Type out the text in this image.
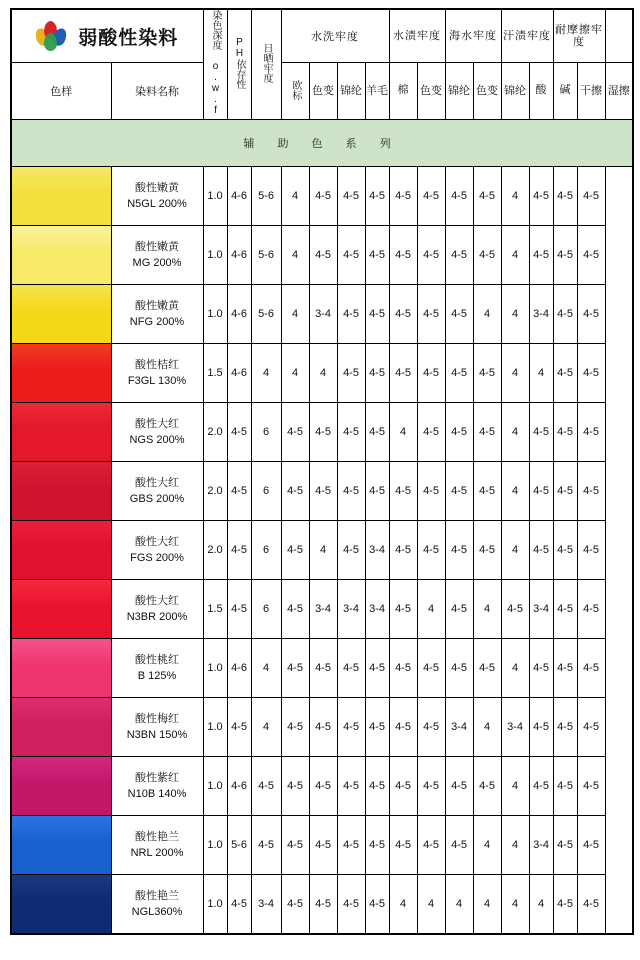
弱酸性染料		染色深度 o.w.f	PH依存性	日晒牢度	水洗牢度				水渍牢度		海水牢度		汗渍牢度		耐摩擦牢度		
色样	染料名称				欧标	色变	锦纶	羊毛	棉	色变	锦纶	色变	锦纶	酸	碱	干擦	湿擦
辅 助 色 系 列																	

	酸性嫩黄
N5GL 200%	1.0	4-6	5-6	4	4-5	4-5	4-5	4-5	4-5	4-5	4-5	4	4-5	4-5	4-5	

	酸性嫩黄
MG 200%	1.0	4-6	5-6	4	4-5	4-5	4-5	4-5	4-5	4-5	4-5	4	4-5	4-5	4-5	

	酸性嫩黄
NFG 200%	1.0	4-6	5-6	4	3-4	4-5	4-5	4-5	4-5	4-5	4	4	3-4	4-5	4-5	

	酸性桔红
F3GL 130%	1.5	4-6	4	4	4	4-5	4-5	4-5	4-5	4-5	4-5	4	4	4-5	4-5	

	酸性大红
NGS 200%	2.0	4-5	6	4-5	4-5	4-5	4-5	4	4-5	4-5	4-5	4	4-5	4-5	4-5	

	酸性大红
GBS 200%	2.0	4-5	6	4-5	4-5	4-5	4-5	4-5	4-5	4-5	4-5	4	4-5	4-5	4-5	

	酸性大红
FGS 200%	2.0	4-5	6	4-5	4	4-5	3-4	4-5	4-5	4-5	4-5	4	4-5	4-5	4-5	

	酸性大红
N3BR 200%	1.5	4-5	6	4-5	3-4	3-4	3-4	4-5	4	4-5	4	4-5	3-4	4-5	4-5	

	酸性桃红
B 125%	1.0	4-6	4	4-5	4-5	4-5	4-5	4-5	4-5	4-5	4-5	4	4-5	4-5	4-5	

	酸性梅红
N3BN 150%	1.0	4-5	4	4-5	4-5	4-5	4-5	4-5	4-5	3-4	4	3-4	4-5	4-5	4-5	

	酸性紫红
N10B 140%	1.0	4-6	4-5	4-5	4-5	4-5	4-5	4-5	4-5	4-5	4-5	4	4-5	4-5	4-5	

	酸性艳兰
NRL 200%	1.0	5-6	4-5	4-5	4-5	4-5	4-5	4-5	4-5	4-5	4	4	3-4	4-5	4-5	

	酸性艳兰
NGL360%	1.0	4-5	3-4	4-5	4-5	4-5	4-5	4	4	4	4	4	4	4-5	4-5	
